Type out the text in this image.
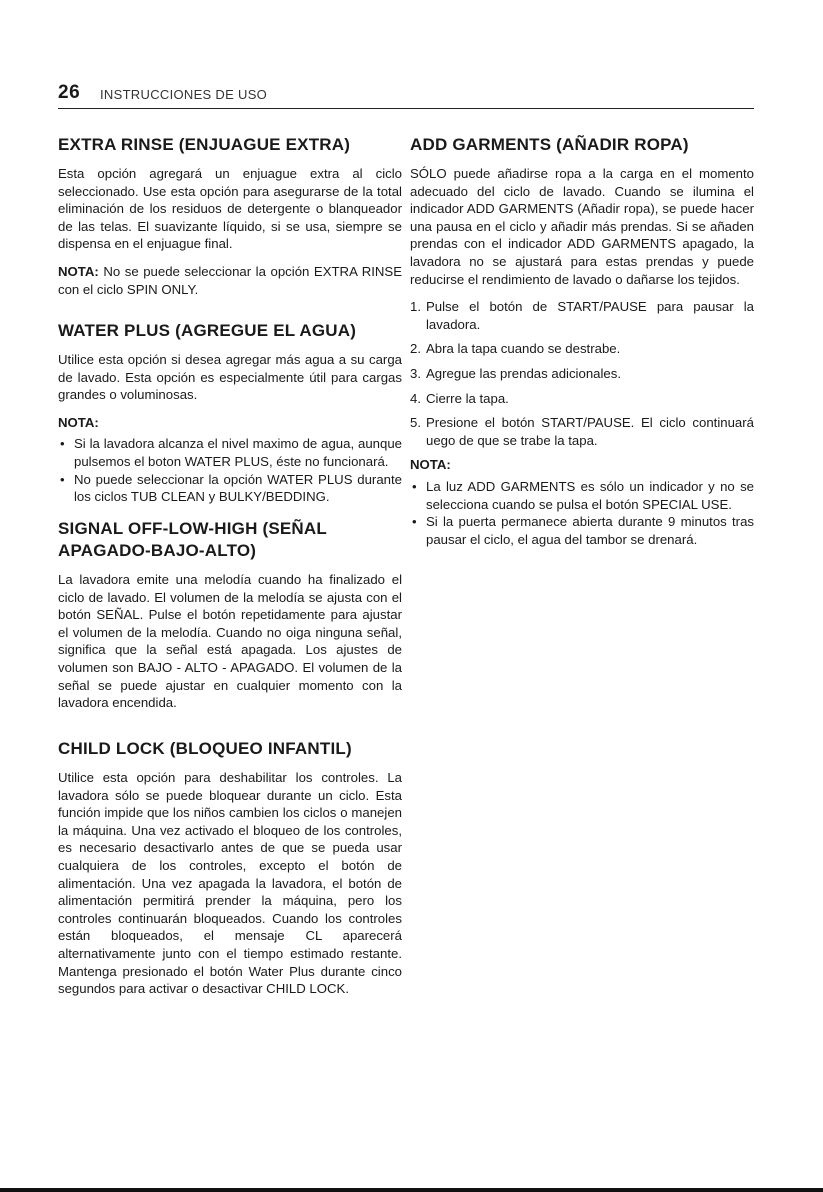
26 INSTRUCCIONES DE USO
EXTRA RINSE (ENJUAGUE EXTRA)

Esta opción agregará un enjuague extra al ciclo seleccionado. Use esta opción para asegurarse de la total eliminación de los residuos de detergente o blanqueador de las telas. El suavizante líquido, si se usa, siempre se dispensa en el enjuague final.

NOTA: No se puede seleccionar la opción EXTRA RINSE con el ciclo SPIN ONLY.

WATER PLUS (AGREGUE EL AGUA)

Utilice esta opción si desea agregar más agua a su carga de lavado. Esta opción es especialmente útil para cargas grandes o voluminosas.

NOTA:
• Si la lavadora alcanza el nivel maximo de agua, aunque pulsemos el boton WATER PLUS, éste no funcionará.
• No puede seleccionar la opción WATER PLUS durante los ciclos TUB CLEAN y BULKY/BEDDING.
SIGNAL OFF-LOW-HIGH (SEÑAL APAGADO-BAJO-ALTO)

La lavadora emite una melodía cuando ha finalizado el ciclo de lavado. El volumen de la melodía se ajusta con el botón SEÑAL. Pulse el botón repetidamente para ajustar el volumen de la melodía. Cuando no oiga ninguna señal, significa que la señal está apagada. Los ajustes de volumen son BAJO - ALTO - APAGADO. El volumen de la señal se puede ajustar en cualquier momento con la lavadora encendida.

CHILD LOCK (BLOQUEO INFANTIL)

Utilice esta opción para deshabilitar los controles. La lavadora sólo se puede bloquear durante un ciclo. Esta función impide que los niños cambien los ciclos o manejen la máquina. Una vez activado el bloqueo de los controles, es necesario desactivarlo antes de que se pueda usar cualquiera de los controles, excepto el botón de alimentación. Una vez apagada la lavadora, el botón de alimentación permitirá prender la máquina, pero los controles continuarán bloqueados. Cuando los controles están bloqueados, el mensaje CL aparecerá alternativamente junto con el tiempo estimado restante. Mantenga presionado el botón Water Plus durante cinco segundos para activar o desactivar CHILD LOCK.

ADD GARMENTS (AÑADIR ROPA)

SÓLO puede añadirse ropa a la carga en el momento adecuado del ciclo de lavado. Cuando se ilumina el indicador ADD GARMENTS (Añadir ropa), se puede hacer una pausa en el ciclo y añadir más prendas. Si se añaden prendas con el indicador ADD GARMENTS apagado, la lavadora no se ajustará para estas prendas y puede reducirse el rendimiento de lavado o dañarse los tejidos.

1. Pulse el botón de START/PAUSE para pausar la lavadora.
2. Abra la tapa cuando se destrabe.
3. Agregue las prendas adicionales.
4. Cierre la tapa.
5. Presione el botón START/PAUSE. El ciclo continuará uego de que se trabe la tapa.
NOTA:
• La luz ADD GARMENTS es sólo un indicador y no se selecciona cuando se pulsa el botón SPECIAL USE.
• Si la puerta permanece abierta durante 9 minutos tras pausar el ciclo, el agua del tambor se drenará.
